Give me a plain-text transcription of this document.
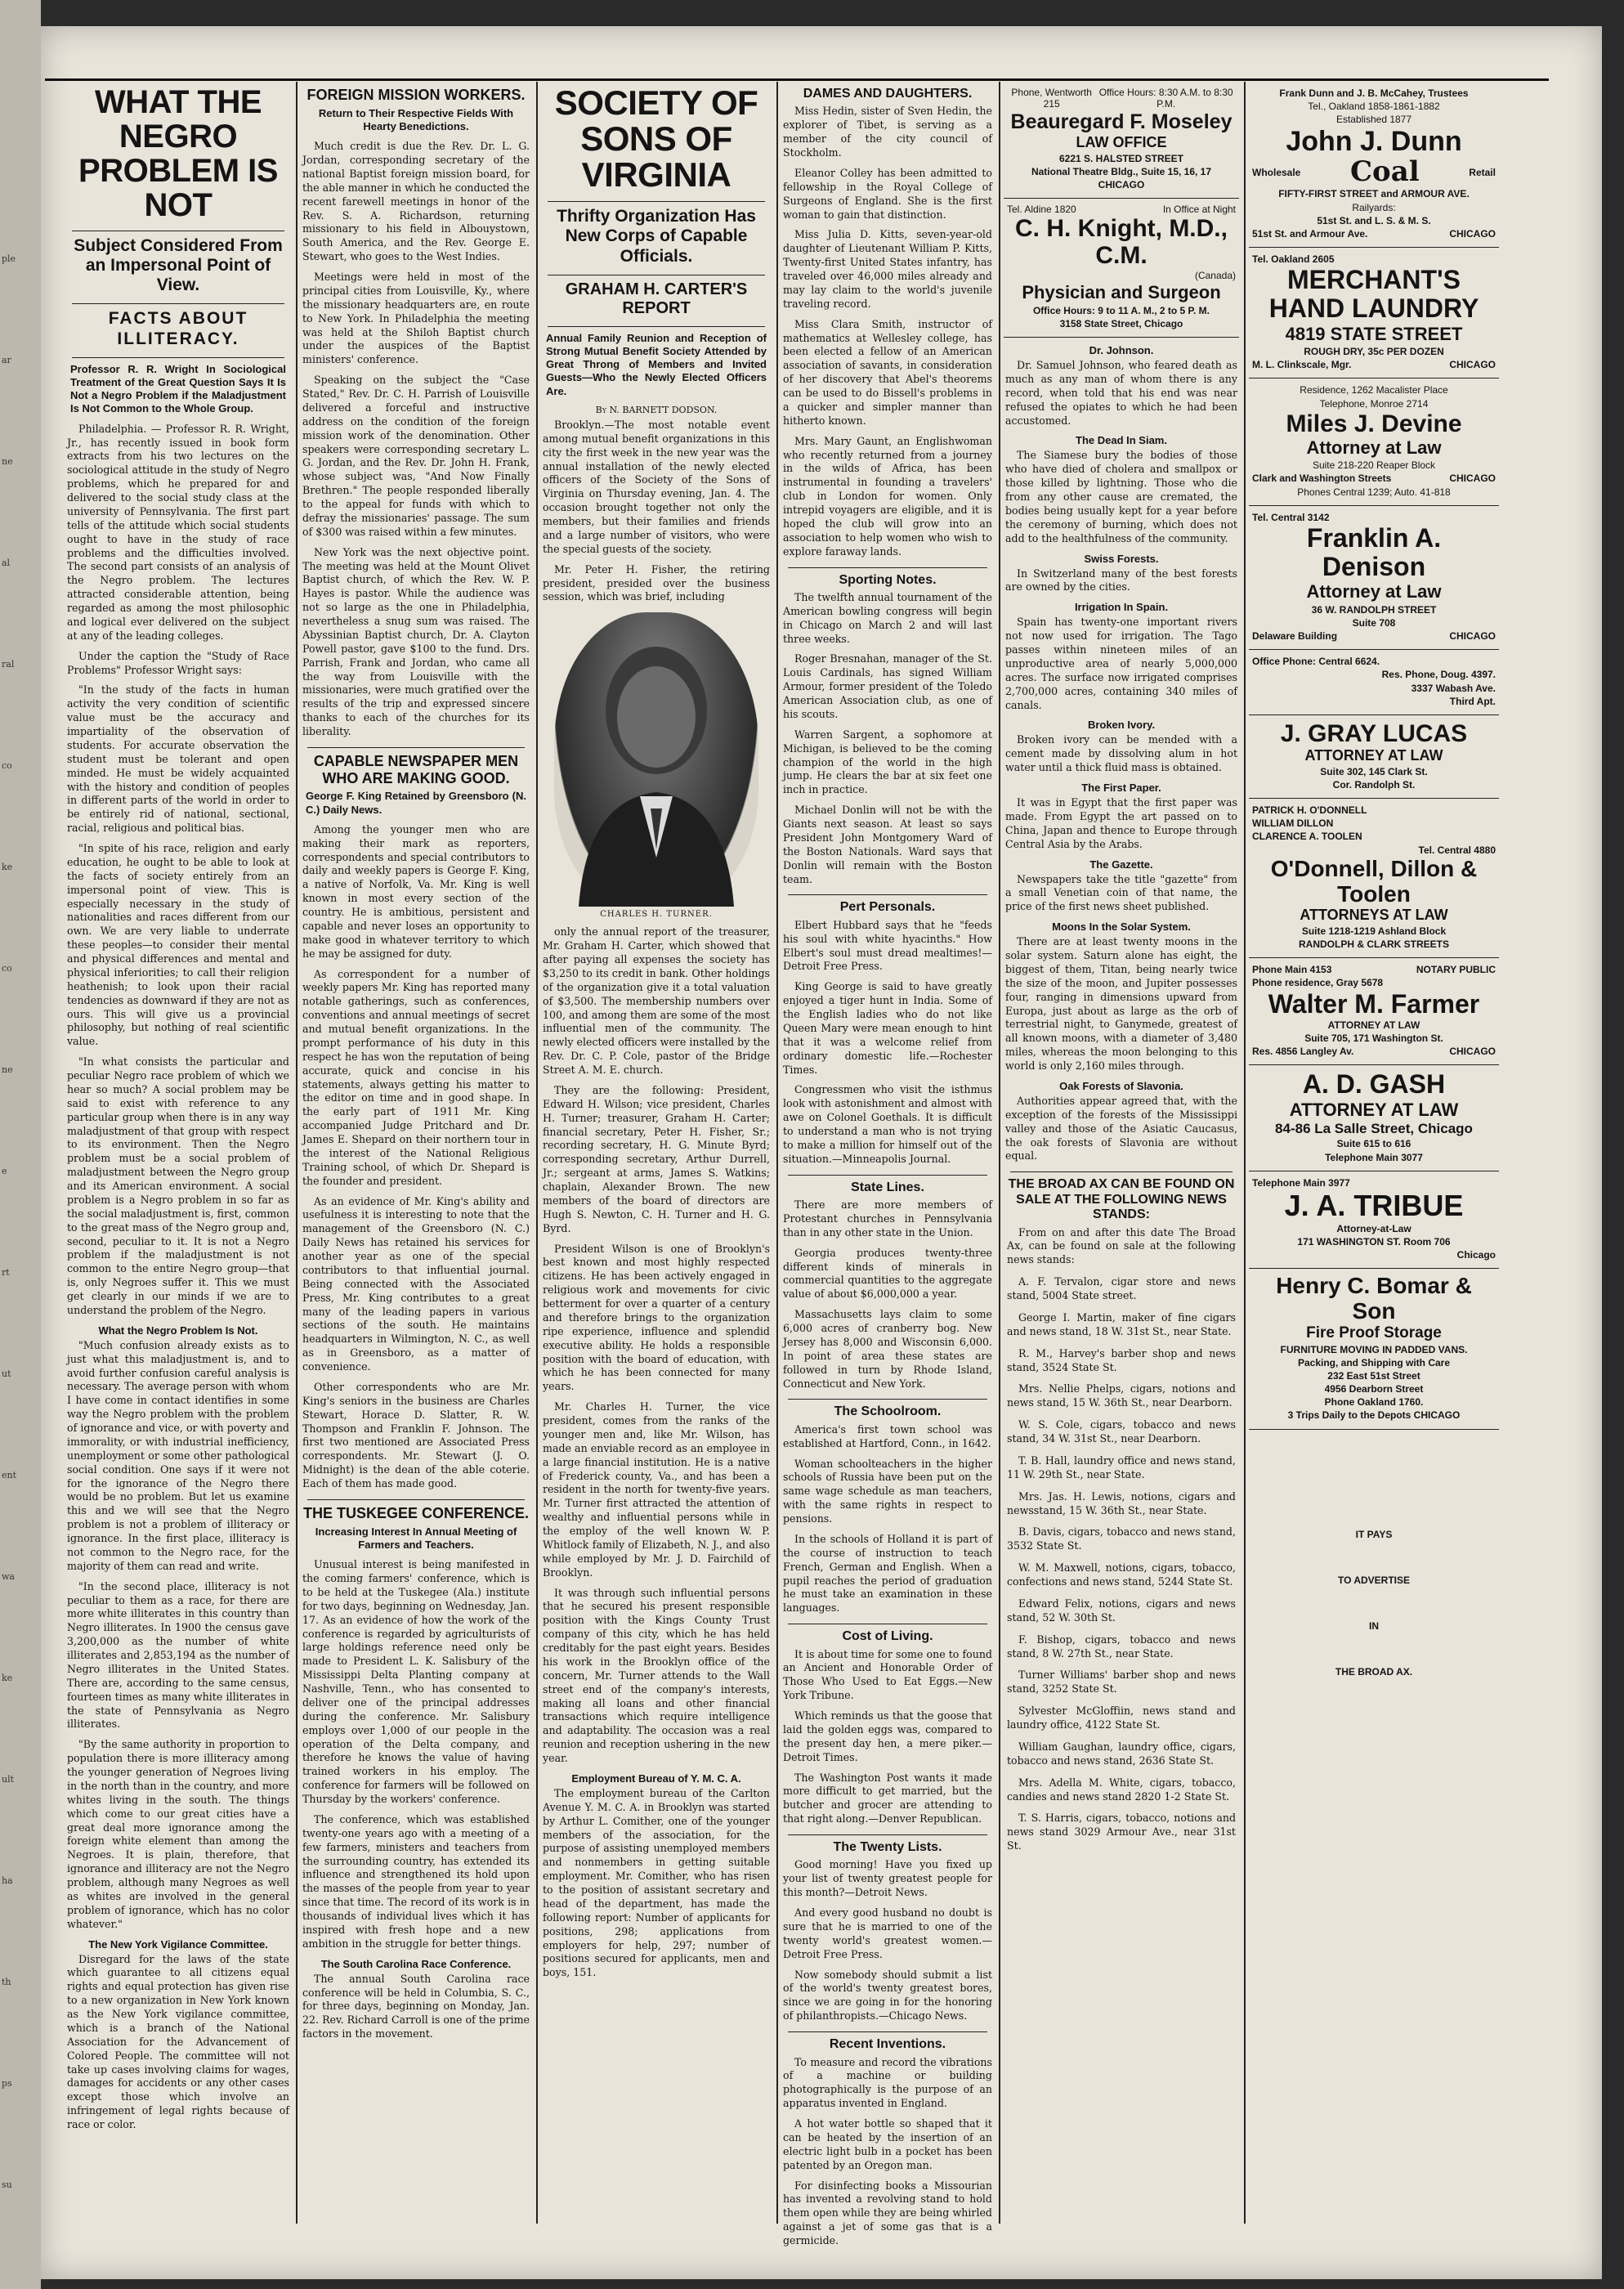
ple
ar
ne
al
ral
co
ke
co
ne
e
rt
ut
ent
wa
ke
ult
ha
th
ps
su
WHAT THE NEGRO PROBLEM IS NOT
Subject Considered From an Impersonal Point of View.
FACTS ABOUT ILLITERACY.
Professor R. R. Wright In Sociological Treatment of the Great Question Says It Is Not a Negro Problem if the Maladjustment Is Not Common to the Whole Group.

Philadelphia. — Professor R. R. Wright, Jr., has recently issued in book form extracts from his two lectures on the sociological attitude in the study of Negro problems, which he prepared for and delivered to the social study class at the university of Pennsylvania. The first part tells of the attitude which social students ought to have in the study of race problems and the difficulties involved. The second part consists of an analysis of the Negro problem. The lectures attracted considerable attention, being regarded as among the most philosophic and logical ever delivered on the subject at any of the leading colleges.

Under the caption the "Study of Race Problems" Professor Wright says:

"In the study of the facts in human activity the very condition of scientific value must be the accuracy and impartiality of the observation of students. For accurate observation the student must be tolerant and open minded. He must be widely acquainted with the history and condition of peoples in different parts of the world in order to be entirely rid of national, sectional, racial, religious and political bias.

"In spite of his race, religion and early education, he ought to be able to look at the facts of society entirely from an impersonal point of view. This is especially necessary in the study of nationalities and races different from our own. We are very liable to underrate these peoples—to consider their mental and physical differences and mental and physical inferiorities; to call their religion heathenish; to look upon their racial tendencies as downward if they are not as ours. This will give us a provincial philosophy, but nothing of real scientific value.

"In what consists the particular and peculiar Negro race problem of which we hear so much? A social problem may be said to exist with reference to any particular group when there is in any way maladjustment of that group with respect to its environment. Then the Negro problem must be a social problem of maladjustment between the Negro group and its American environment. A social problem is a Negro problem in so far as the social maladjustment is, first, common to the great mass of the Negro group and, second, peculiar to it. It is not a Negro problem if the maladjustment is not common to the entire Negro group—that is, only Negroes suffer it. This we must get clearly in our minds if we are to understand the problem of the Negro.

What the Negro Problem Is Not.

"Much confusion already exists as to just what this maladjustment is, and to avoid further confusion careful analysis is necessary. The average person with whom I have come in contact identifies in some way the Negro problem with the problem of ignorance and vice, or with poverty and immorality, or with industrial inefficiency, unemployment or some other pathological social condition. One says if it were not for the ignorance of the Negro there would be no problem. But let us examine this and we will see that the Negro problem is not a problem of illiteracy or ignorance. In the first place, illiteracy is not common to the Negro race, for the majority of them can read and write.

"In the second place, illiteracy is not peculiar to them as a race, for there are more white illiterates in this country than Negro illiterates. In 1900 the census gave 3,200,000 as the number of white illiterates and 2,853,194 as the number of Negro illiterates in the United States. There are, according to the same census, fourteen times as many white illiterates in the state of Pennsylvania as Negro illiterates.

"By the same authority in proportion to population there is more illiteracy among the younger generation of Negroes living in the north than in the country, and more whites living in the south. The things which come to our great cities have a great deal more ignorance among the foreign white element than among the Negroes. It is plain, therefore, that ignorance and illiteracy are not the Negro problem, although many Negroes as well as whites are involved in the general problem of ignorance, which has no color whatever."

The New York Vigilance Committee.

Disregard for the laws of the state which guarantee to all citizens equal rights and equal protection has given rise to a new organization in New York known as the New York vigilance committee, which is a branch of the National Association for the Advancement of Colored People. The committee will not take up cases involving claims for wages, damages for accidents or any other cases except those which involve an infringement of legal rights because of race or color.

FOREIGN MISSION WORKERS.
Return to Their Respective Fields With Hearty Benedictions.

Much credit is due the Rev. Dr. L. G. Jordan, corresponding secretary of the national Baptist foreign mission board, for the able manner in which he conducted the recent farewell meetings in honor of the Rev. S. A. Richardson, returning missionary to his field in Albouystown, South America, and the Rev. George E. Stewart, who goes to the West Indies.

Meetings were held in most of the principal cities from Louisville, Ky., where the missionary headquarters are, en route to New York. In Philadelphia the meeting was held at the Shiloh Baptist church under the auspices of the Baptist ministers' conference.

Speaking on the subject the "Case Stated," Rev. Dr. C. H. Parrish of Louisville delivered a forceful and instructive address on the condition of the foreign mission work of the denomination. Other speakers were corresponding secretary L. G. Jordan, and the Rev. Dr. John H. Frank, whose subject was, "And Now Finally Brethren." The people responded liberally to the appeal for funds with which to defray the missionaries' passage. The sum of $300 was raised within a few minutes.

New York was the next objective point. The meeting was held at the Mount Olivet Baptist church, of which the Rev. W. P. Hayes is pastor. While the audience was not so large as the one in Philadelphia, nevertheless a snug sum was raised. The Abyssinian Baptist church, Dr. A. Clayton Powell pastor, gave $100 to the fund. Drs. Parrish, Frank and Jordan, who came all the way from Louisville with the missionaries, were much gratified over the results of the trip and expressed sincere thanks to each of the churches for its liberality.

CAPABLE NEWSPAPER MEN WHO ARE MAKING GOOD.
George F. King Retained by Greensboro (N. C.) Daily News.

Among the younger men who are making their mark as reporters, correspondents and special contributors to daily and weekly papers is George F. King, a native of Norfolk, Va. Mr. King is well known in most every section of the country. He is ambitious, persistent and capable and never loses an opportunity to make good in whatever territory to which he may be assigned for duty.

As correspondent for a number of weekly papers Mr. King has reported many notable gatherings, such as conferences, conventions and annual meetings of secret and mutual benefit organizations. In the prompt performance of his duty in this respect he has won the reputation of being accurate, quick and concise in his statements, always getting his matter to the editor on time and in good shape. In the early part of 1911 Mr. King accompanied Judge Pritchard and Dr. James E. Shepard on their northern tour in the interest of the National Religious Training school, of which Dr. Shepard is the founder and president.

As an evidence of Mr. King's ability and usefulness it is interesting to note that the management of the Greensboro (N. C.) Daily News has retained his services for another year as one of the special contributors to that influential journal. Being connected with the Associated Press, Mr. King contributes to a great many of the leading papers in various sections of the south. He maintains headquarters in Wilmington, N. C., as well as in Greensboro, as a matter of convenience.

Other correspondents who are Mr. King's seniors in the business are Charles Stewart, Horace D. Slatter, R. W. Thompson and Franklin F. Johnson. The first two mentioned are Associated Press correspondents. Mr. Stewart (J. O. Midnight) is the dean of the able coterie. Each of them has made good.

THE TUSKEGEE CONFERENCE.
Increasing Interest In Annual Meeting of Farmers and Teachers.

Unusual interest is being manifested in the coming farmers' conference, which is to be held at the Tuskegee (Ala.) institute for two days, beginning on Wednesday, Jan. 17. As an evidence of how the work of the conference is regarded by agriculturists of large holdings reference need only be made to President L. K. Salisbury of the Mississippi Delta Planting company at Nashville, Tenn., who has consented to deliver one of the principal addresses during the conference. Mr. Salisbury employs over 1,000 of our people in the operation of the Delta company, and therefore he knows the value of having trained workers in his employ. The conference for farmers will be followed on Thursday by the workers' conference.

The conference, which was established twenty-one years ago with a meeting of a few farmers, ministers and teachers from the surrounding country, has extended its influence and strengthened its hold upon the masses of the people from year to year since that time. The record of its work is in thousands of individual lives which it has inspired with fresh hope and a new ambition in the struggle for better things.

The South Carolina Race Conference.

The annual South Carolina race conference will be held in Columbia, S. C., for three days, beginning on Monday, Jan. 22. Rev. Richard Carroll is one of the prime factors in the movement.

SOCIETY OF SONS OF VIRGINIA
Thrifty Organization Has New Corps of Capable Officials.
GRAHAM H. CARTER'S REPORT
Annual Family Reunion and Reception of Strong Mutual Benefit Society Attended by Great Throng of Members and Invited Guests—Who the Newly Elected Officers Are.
By N. BARNETT DODSON.

Brooklyn.—The most notable event among mutual benefit organizations in this city the first week in the new year was the annual installation of the newly elected officers of the Society of the Sons of Virginia on Thursday evening, Jan. 4. The occasion brought together not only the members, but their families and friends and a large number of visitors, who were the special guests of the society.

Mr. Peter H. Fisher, the retiring president, presided over the business session, which was brief, including

CHARLES H. TURNER.

only the annual report of the treasurer, Mr. Graham H. Carter, which showed that after paying all expenses the society has $3,250 to its credit in bank. Other holdings of the organization give it a total valuation of $3,500. The membership numbers over 100, and among them are some of the most influential men of the community. The newly elected officers were installed by the Rev. Dr. C. P. Cole, pastor of the Bridge Street A. M. E. church.

They are the following: President, Edward H. Wilson; vice president, Charles H. Turner; treasurer, Graham H. Carter; financial secretary, Peter H. Fisher, Sr.; recording secretary, H. G. Minute Byrd; corresponding secretary, Arthur Durrell, Jr.; sergeant at arms, James S. Watkins; chaplain, Alexander Brown. The new members of the board of directors are Hugh S. Newton, C. H. Turner and H. G. Byrd.

President Wilson is one of Brooklyn's best known and most highly respected citizens. He has been actively engaged in religious work and movements for civic betterment for over a quarter of a century and therefore brings to the organization ripe experience, influence and splendid executive ability. He holds a responsible position with the board of education, with which he has been connected for many years.

Mr. Charles H. Turner, the vice president, comes from the ranks of the younger men and, like Mr. Wilson, has made an enviable record as an employee in a large financial institution. He is a native of Frederick county, Va., and has been a resident in the north for twenty-five years. Mr. Turner first attracted the attention of wealthy and influential persons while in the employ of the well known W. P. Whitlock family of Elizabeth, N. J., and also while employed by Mr. J. D. Fairchild of Brooklyn.

It was through such influential persons that he secured his present responsible position with the Kings County Trust company of this city, which he has held creditably for the past eight years. Besides his work in the Brooklyn office of the concern, Mr. Turner attends to the Wall street end of the company's interests, making all loans and other financial transactions which require intelligence and adaptability. The occasion was a real reunion and reception ushering in the new year.

Employment Bureau of Y. M. C. A.

The employment bureau of the Carlton Avenue Y. M. C. A. in Brooklyn was started by Arthur L. Comither, one of the younger members of the association, for the purpose of assisting unemployed members and nonmembers in getting suitable employment. Mr. Comither, who has risen to the position of assistant secretary and head of the department, has made the following report: Number of applicants for positions, 298; applications from employers for help, 297; number of positions secured for applicants, men and boys, 151.

DAMES AND DAUGHTERS.

Miss Hedin, sister of Sven Hedin, the explorer of Tibet, is serving as a member of the city council of Stockholm.

Eleanor Colley has been admitted to fellowship in the Royal College of Surgeons of England. She is the first woman to gain that distinction.

Miss Julia D. Kitts, seven-year-old daughter of Lieutenant William P. Kitts, Twenty-first United States infantry, has traveled over 46,000 miles already and may lay claim to the world's juvenile traveling record.

Miss Clara Smith, instructor of mathematics at Wellesley college, has been elected a fellow of an American association of savants, in consideration of her discovery that Abel's theorems can be used to do Bissell's problems in a quicker and simpler manner than hitherto known.

Mrs. Mary Gaunt, an Englishwoman who recently returned from a journey in the wilds of Africa, has been instrumental in founding a travelers' club in London for women. Only intrepid voyagers are eligible, and it is hoped the club will grow into an association to help women who wish to explore faraway lands.

Sporting Notes.

The twelfth annual tournament of the American bowling congress will begin in Chicago on March 2 and will last three weeks.

Roger Bresnahan, manager of the St. Louis Cardinals, has signed William Armour, former president of the Toledo American Association club, as one of his scouts.

Warren Sargent, a sophomore at Michigan, is believed to be the coming champion of the world in the high jump. He clears the bar at six feet one inch in practice.

Michael Donlin will not be with the Giants next season. At least so says President John Montgomery Ward of the Boston Nationals. Ward says that Donlin will remain with the Boston team.

Pert Personals.

Elbert Hubbard says that he "feeds his soul with white hyacinths." How Elbert's soul must dread mealtimes!—Detroit Free Press.

King George is said to have greatly enjoyed a tiger hunt in India. Some of the English ladies who do not like Queen Mary were mean enough to hint that it was a welcome relief from ordinary domestic life.—Rochester Times.

Congressmen who visit the isthmus look with astonishment and almost with awe on Colonel Goethals. It is difficult to understand a man who is not trying to make a million for himself out of the situation.—Minneapolis Journal.

State Lines.

There are more members of Protestant churches in Pennsylvania than in any other state in the Union.

Georgia produces twenty-three different kinds of minerals in commercial quantities to the aggregate value of about $6,000,000 a year.

Massachusetts lays claim to some 6,000 acres of cranberry bog. New Jersey has 8,000 and Wisconsin 6,000. In point of area these states are followed in turn by Rhode Island, Connecticut and New York.

The Schoolroom.

America's first town school was established at Hartford, Conn., in 1642.

Woman schoolteachers in the higher schools of Russia have been put on the same wage schedule as man teachers, with the same rights in respect to pensions.

In the schools of Holland it is part of the course of instruction to teach French, German and English. When a pupil reaches the period of graduation he must take an examination in these languages.

Cost of Living.

It is about time for some one to found an Ancient and Honorable Order of Those Who Used to Eat Eggs.—New York Tribune.

Which reminds us that the goose that laid the golden eggs was, compared to the present day hen, a mere piker.—Detroit Times.

The Washington Post wants it made more difficult to get married, but the butcher and grocer are attending to that right along.—Denver Republican.

The Twenty Lists.

Good morning! Have you fixed up your list of twenty greatest people for this month?—Detroit News.

And every good husband no doubt is sure that he is married to one of the twenty world's greatest women.—Detroit Free Press.

Now somebody should submit a list of the world's twenty greatest bores, since we are going in for the honoring of philanthropists.—Chicago News.

Recent Inventions.

To measure and record the vibrations of a machine or building photographically is the purpose of an apparatus invented in England.

A hot water bottle so shaped that it can be heated by the insertion of an electric light bulb in a pocket has been patented by an Oregon man.

For disinfecting books a Missourian has invented a revolving stand to hold them open while they are being whirled against a jet of some gas that is a germicide.

Phone, Wentworth 215
Office Hours: 8:30 A.M. to 8:30 P.M.
Beauregard F. Moseley
LAW OFFICE
6221 S. HALSTED STREET
National Theatre Bldg., Suite 15, 16, 17
CHICAGO
Tel. Aldine 1820	In Office at Night
C. H. Knight, M.D., C.M.
(Canada)
Physician and Surgeon
Office Hours: 9 to 11 A. M., 2 to 5 P. M.
3158 State Street, Chicago
Dr. Johnson.

Dr. Samuel Johnson, who feared death as much as any man of whom there is any record, when told that his end was near refused the opiates to which he had been accustomed.

The Dead In Siam.

The Siamese bury the bodies of those who have died of cholera and smallpox or those killed by lightning. Those who die from any other cause are cremated, the bodies being usually kept for a year before the ceremony of burning, which does not add to the healthfulness of the community.

Swiss Forests.

In Switzerland many of the best forests are owned by the cities.

Irrigation In Spain.

Spain has twenty-one important rivers not now used for irrigation. The Tago passes within nineteen miles of an unproductive area of nearly 5,000,000 acres. The surface now irrigated comprises 2,700,000 acres, containing 340 miles of canals.

Broken Ivory.

Broken ivory can be mended with a cement made by dissolving alum in hot water until a thick fluid mass is obtained.

The First Paper.

It was in Egypt that the first paper was made. From Egypt the art passed on to China, Japan and thence to Europe through Central Asia by the Arabs.

The Gazette.

Newspapers take the title "gazette" from a small Venetian coin of that name, the price of the first news sheet published.

Moons In the Solar System.

There are at least twenty moons in the solar system. Saturn alone has eight, the biggest of them, Titan, being nearly twice the size of the moon, and Jupiter possesses four, ranging in dimensions upward from Europa, just about as large as the orb of terrestrial night, to Ganymede, greatest of all known moons, with a diameter of 3,480 miles, whereas the moon belonging to this world is only 2,160 miles through.

Oak Forests of Slavonia.

Authorities appear agreed that, with the exception of the forests of the Mississippi valley and those of the Asiatic Caucasus, the oak forests of Slavonia are without equal.

THE BROAD AX CAN BE FOUND ON SALE AT THE FOLLOWING NEWS STANDS:

From on and after this date The Broad Ax, can be found on sale at the following news stands:

A. F. Tervalon, cigar store and news stand, 5004 State street.

George I. Martin, maker of fine cigars and news stand, 18 W. 31st St., near State.

R. M., Harvey's barber shop and news stand, 3524 State St.

Mrs. Nellie Phelps, cigars, notions and news stand, 15 W. 36th St., near Dearborn.

W. S. Cole, cigars, tobacco and news stand, 34 W. 31st St., near Dearborn.

T. B. Hall, laundry office and news stand, 11 W. 29th St., near State.

Mrs. Jas. H. Lewis, notions, cigars and newsstand, 15 W. 36th St., near State.

B. Davis, cigars, tobacco and news stand, 3532 State St.

W. M. Maxwell, notions, cigars, tobacco, confections and news stand, 5244 State St.

Edward Felix, notions, cigars and news stand, 52 W. 30th St.

F. Bishop, cigars, tobacco and news stand, 8 W. 27th St., near State.

Turner Williams' barber shop and news stand, 3252 State St.

Sylvester McGloffiin, news stand and laundry office, 4122 State St.

William Gaughan, laundry office, cigars, tobacco and news stand, 2636 State St.

Mrs. Adella M. White, cigars, tobacco, candies and news stand 2820 1-2 State St.

T. S. Harris, cigars, tobacco, notions and news stand 3029 Armour Ave., near 31st St.

Frank Dunn and J. B. McCahey, Trustees
Tel., Oakland 1858-1861-1882
Established 1877
John J. Dunn
Wholesale Coal	Retail
FIFTY-FIRST STREET and ARMOUR AVE.
Railyards:
51st St. and L. S. & M. S.
51st St. and Armour Ave.	CHICAGO
Tel. Oakland 2605
MERCHANT'S HAND LAUNDRY
4819 STATE STREET
ROUGH DRY, 35c PER DOZEN
M. L. Clinkscale, Mgr.	CHICAGO
Residence, 1262 Macalister Place
Telephone, Monroe 2714
Miles J. Devine
Attorney at Law
Suite 218-220 Reaper Block
Clark and Washington Streets	CHICAGO
Phones Central 1239; Auto. 41-818
Tel. Central 3142
Franklin A. Denison
Attorney at Law
36 W. RANDOLPH STREET
Suite 708
Delaware Building	CHICAGO
Office Phone: Central 6624.
Res. Phone, Doug. 4397.
3337 Wabash Ave.
Third Apt.
J. GRAY LUCAS
ATTORNEY AT LAW
Suite 302, 145 Clark St.
Cor. Randolph St.
PATRICK H. O'DONNELL
WILLIAM DILLON
CLARENCE A. TOOLEN
Tel. Central 4880
O'Donnell, Dillon & Toolen
ATTORNEYS AT LAW
Suite 1218-1219 Ashland Block
RANDOLPH & CLARK STREETS
Phone Main 4153	NOTARY PUBLIC
Phone residence, Gray 5678
Walter M. Farmer
ATTORNEY AT LAW
Suite 705, 171 Washington St.
Res. 4856 Langley Av.	CHICAGO
A. D. GASH
ATTORNEY AT LAW
84-86 La Salle Street, Chicago
Suite 615 to 616
Telephone Main 3077
Telephone Main 3977
J. A. TRIBUE
Attorney-at-Law
171 WASHINGTON ST. Room 706
Chicago
Henry C. Bomar & Son
Fire Proof Storage
FURNITURE MOVING IN PADDED VANS.
Packing, and Shipping with Care
232 East 51st Street
4956 Dearborn Street
Phone Oakland 1760.
3 Trips Daily to the Depots CHICAGO
IT PAYS
TO ADVERTISE
IN
THE BROAD AX.
